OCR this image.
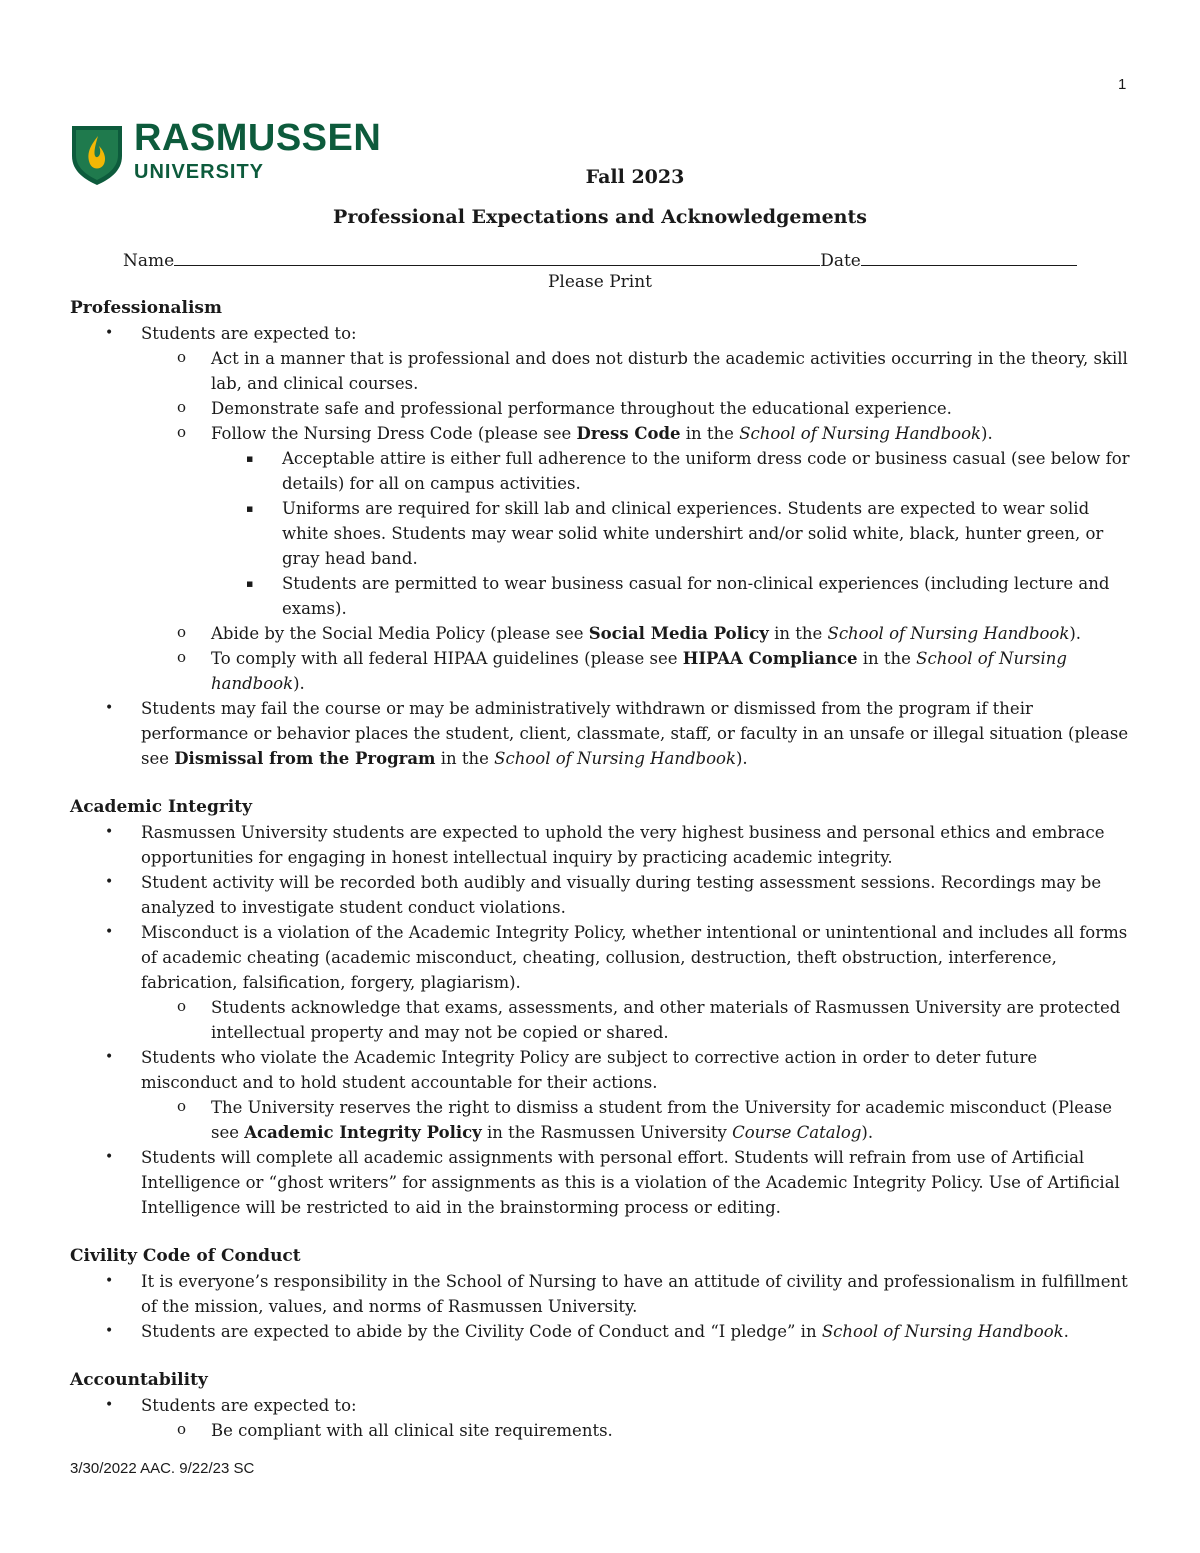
1
RASMUSSEN
UNIVERSITY	Fall 2023
Professional Expectations and Acknowledgements
Name	Date
Please Print

Professionalism

• Students are expected to:
o Act in a manner that is professional and does not disturb the academic activities occurring in the theory, skill lab, and clinical courses.
o Demonstrate safe and professional performance throughout the educational experience.
o Follow the Nursing Dress Code (please see Dress Code in the School of Nursing Handbook).
▪ Acceptable attire is either full adherence to the uniform dress code or business casual (see below for details) for all on campus activities.
▪ Uniforms are required for skill lab and clinical experiences. Students are expected to wear solid white shoes. Students may wear solid white undershirt and/or solid white, black, hunter green, or gray head band.
▪ Students are permitted to wear business casual for non-clinical experiences (including lecture and exams).
o Abide by the Social Media Policy (please see Social Media Policy in the School of Nursing Handbook).
o To comply with all federal HIPAA guidelines (please see HIPAA Compliance in the School of Nursing handbook).
• Students may fail the course or may be administratively withdrawn or dismissed from the program if their performance or behavior places the student, client, classmate, staff, or faculty in an unsafe or illegal situation (please see Dismissal from the Program in the School of Nursing Handbook).

Academic Integrity

• Rasmussen University students are expected to uphold the very highest business and personal ethics and embrace opportunities for engaging in honest intellectual inquiry by practicing academic integrity.
• Student activity will be recorded both audibly and visually during testing assessment sessions. Recordings may be analyzed to investigate student conduct violations.
• Misconduct is a violation of the Academic Integrity Policy, whether intentional or unintentional and includes all forms of academic cheating (academic misconduct, cheating, collusion, destruction, theft obstruction, interference, fabrication, falsification, forgery, plagiarism).
o Students acknowledge that exams, assessments, and other materials of Rasmussen University are protected intellectual property and may not be copied or shared.
• Students who violate the Academic Integrity Policy are subject to corrective action in order to deter future misconduct and to hold student accountable for their actions.
o The University reserves the right to dismiss a student from the University for academic misconduct (Please see Academic Integrity Policy in the Rasmussen University Course Catalog).
• Students will complete all academic assignments with personal effort. Students will refrain from use of Artificial Intelligence or “ghost writers” for assignments as this is a violation of the Academic Integrity Policy. Use of Artificial Intelligence will be restricted to aid in the brainstorming process or editing.

Civility Code of Conduct

• It is everyone’s responsibility in the School of Nursing to have an attitude of civility and professionalism in fulfillment of the mission, values, and norms of Rasmussen University.
• Students are expected to abide by the Civility Code of Conduct and “I pledge” in School of Nursing Handbook.

Accountability

• Students are expected to:
o Be compliant with all clinical site requirements.
3/30/2022 AAC. 9/22/23 SC
